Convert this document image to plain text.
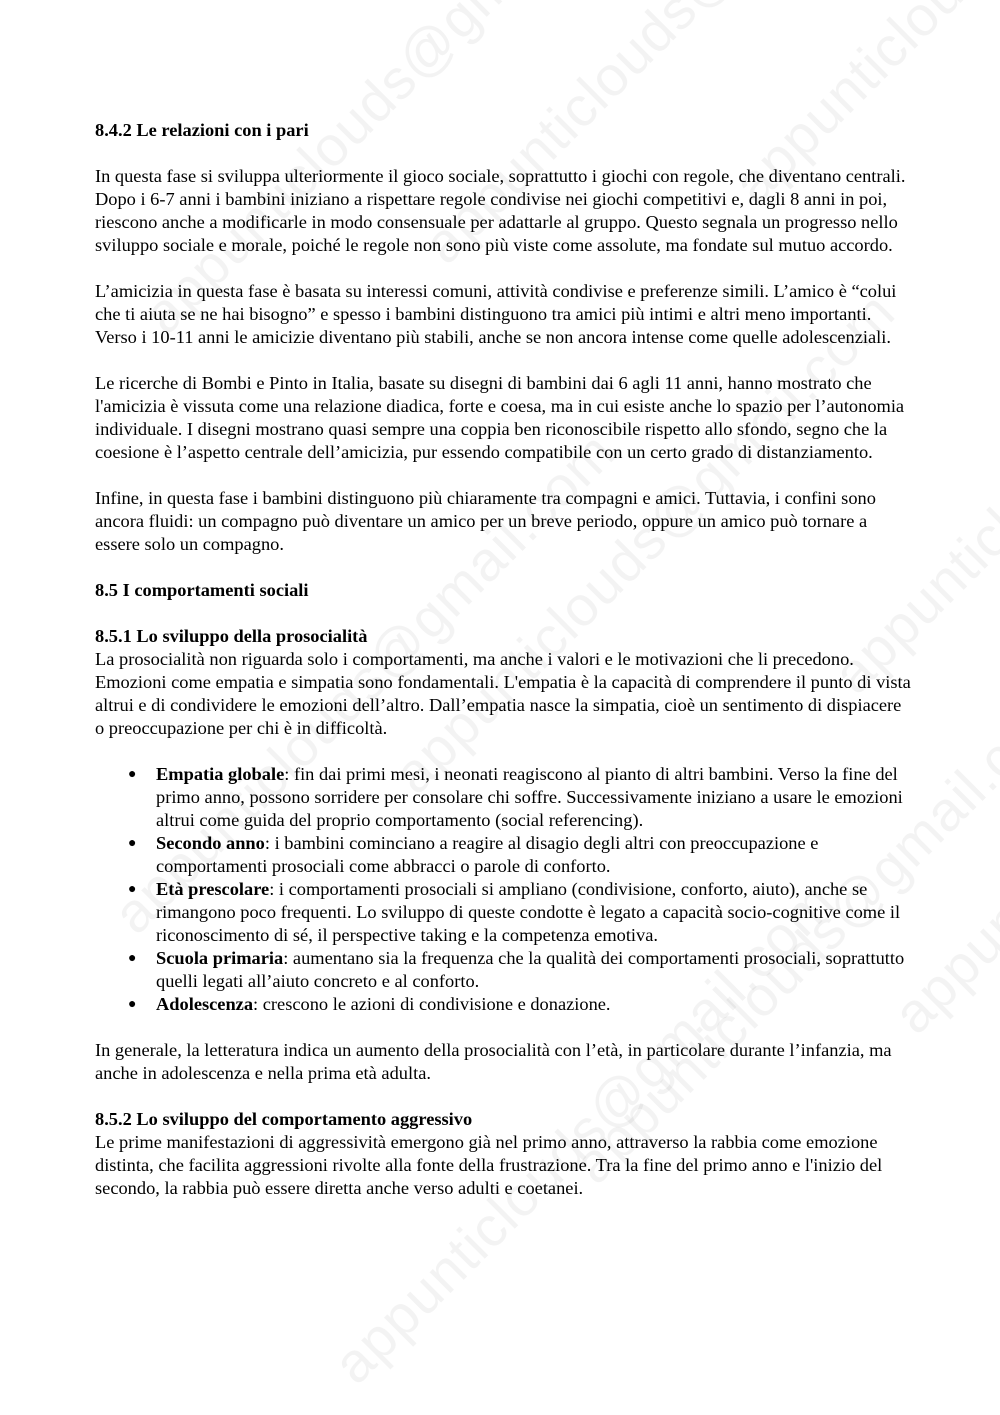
8.4.2 Le relazioni con i pari

In questa fase si sviluppa ulteriormente il gioco sociale, soprattutto i giochi con regole, che diventano centrali. Dopo i 6-7 anni i bambini iniziano a rispettare regole condivise nei giochi competitivi e, dagli 8 anni in poi, riescono anche a modificarle in modo consensuale per adattarle al gruppo. Questo segnala un progresso nello sviluppo sociale e morale, poiché le regole non sono più viste come assolute, ma fondate sul mutuo accordo.

L’amicizia in questa fase è basata su interessi comuni, attività condivise e preferenze simili. L’amico è “colui che ti aiuta se ne hai bisogno” e spesso i bambini distinguono tra amici più intimi e altri meno importanti. Verso i 10-11 anni le amicizie diventano più stabili, anche se non ancora intense come quelle adolescenziali.

Le ricerche di Bombi e Pinto in Italia, basate su disegni di bambini dai 6 agli 11 anni, hanno mostrato che l'amicizia è vissuta come una relazione diadica, forte e coesa, ma in cui esiste anche lo spazio per l’autonomia individuale. I disegni mostrano quasi sempre una coppia ben riconoscibile rispetto allo sfondo, segno che la coesione è l’aspetto centrale dell’amicizia, pur essendo compatibile con un certo grado di distanziamento.

Infine, in questa fase i bambini distinguono più chiaramente tra compagni e amici. Tuttavia, i confini sono ancora fluidi: un compagno può diventare un amico per un breve periodo, oppure un amico può tornare a essere solo un compagno.

8.5 I comportamenti sociali

8.5.1 Lo sviluppo della prosocialità

La prosocialità non riguarda solo i comportamenti, ma anche i valori e le motivazioni che li precedono. Emozioni come empatia e simpatia sono fondamentali. L'empatia è la capacità di comprendere il punto di vista altrui e di condividere le emozioni dell’altro. Dall’empatia nasce la simpatia, cioè un sentimento di dispiacere o preoccupazione per chi è in difficoltà.

● Empatia globale: fin dai primi mesi, i neonati reagiscono al pianto di altri bambini. Verso la fine del primo anno, possono sorridere per consolare chi soffre. Successivamente iniziano a usare le emozioni altrui come guida del proprio comportamento (social referencing).
● Secondo anno: i bambini cominciano a reagire al disagio degli altri con preoccupazione e comportamenti prosociali come abbracci o parole di conforto.
● Età prescolare: i comportamenti prosociali si ampliano (condivisione, conforto, aiuto), anche se rimangono poco frequenti. Lo sviluppo di queste condotte è legato a capacità socio-cognitive come il riconoscimento di sé, il perspective taking e la competenza emotiva.
● Scuola primaria: aumentano sia la frequenza che la qualità dei comportamenti prosociali, soprattutto quelli legati all’aiuto concreto e al conforto.
● Adolescenza: crescono le azioni di condivisione e donazione.

In generale, la letteratura indica un aumento della prosocialità con l’età, in particolare durante l’infanzia, ma anche in adolescenza e nella prima età adulta.

8.5.2 Lo sviluppo del comportamento aggressivo

Le prime manifestazioni di aggressività emergono già nel primo anno, attraverso la rabbia come emozione distinta, che facilita aggressioni rivolte alla fonte della frustrazione. Tra la fine del primo anno e l'inizio del secondo, la rabbia può essere diretta anche verso adulti e coetanei.
